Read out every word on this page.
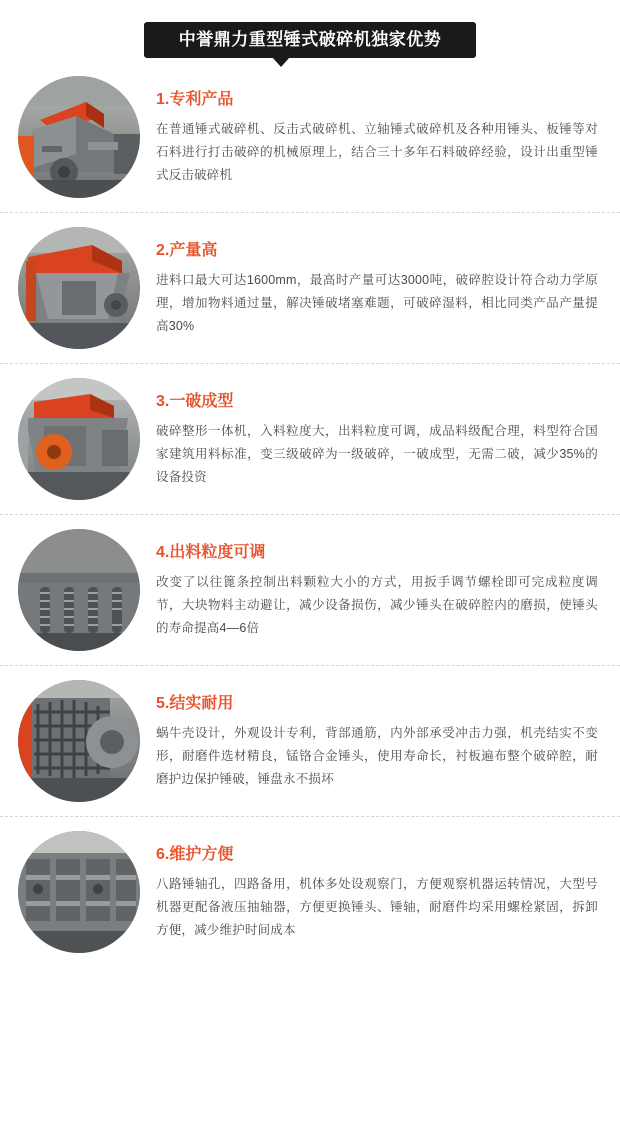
中誉鼎力重型锤式破碎机独家优势
1.专利产品

在普通锤式破碎机、反击式破碎机、立轴锤式破碎机及各种用锤头、板锤等对石料进行打击破碎的机械原理上，结合三十多年石料破碎经验，设计出重型锤式反击破碎机

2.产量高

进料口最大可达1600mm，最高时产量可达3000吨，破碎腔设计符合动力学原理，增加物料通过量，解决锤破堵塞难题，可破碎湿料，相比同类产品产量提高30%

3.一破成型

破碎整形一体机，入料粒度大，出料粒度可调，成品料级配合理，料型符合国家建筑用料标准，变三级破碎为一级破碎，一破成型，无需二破，减少35%的设备投资

4.出料粒度可调

改变了以往篦条控制出料颗粒大小的方式，用扳手调节螺栓即可完成粒度调节，大块物料主动避让，减少设备损伤，减少锤头在破碎腔内的磨损，使锤头的寿命提高4—6倍

5.结实耐用

蜗牛壳设计，外观设计专利，背部通筋，内外部承受冲击力强，机壳结实不变形，耐磨件选材精良，锰铬合金锤头，使用寿命长，衬板遍布整个破碎腔，耐磨护边保护锤破，锤盘永不损坏

6.维护方便

八路锤轴孔，四路备用，机体多处设观察门，方便观察机器运转情况，大型号机器更配备液压抽轴器，方便更换锤头、锤轴，耐磨件均采用螺栓紧固，拆卸方便，减少维护时间成本
